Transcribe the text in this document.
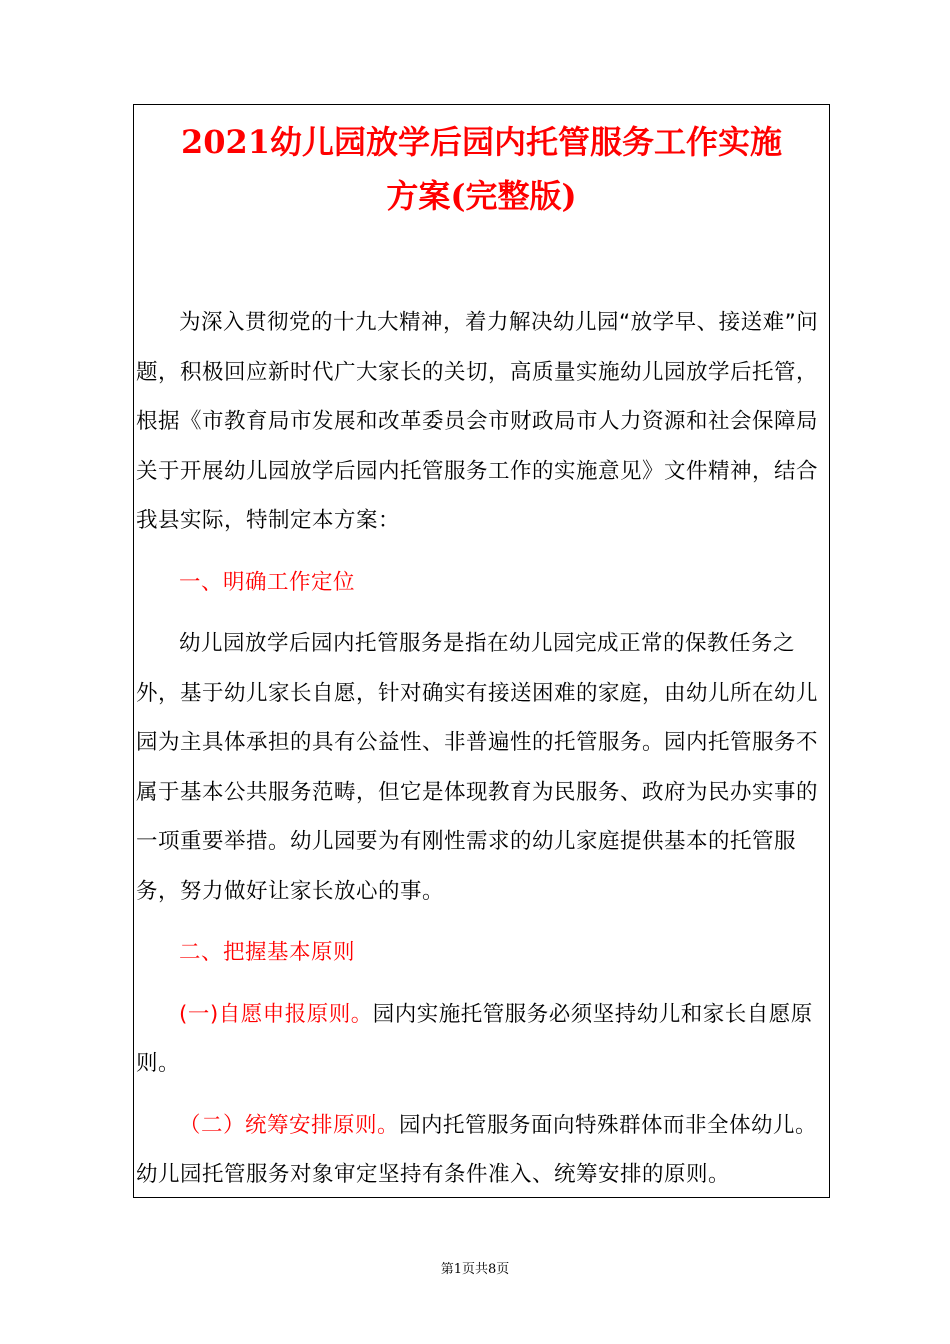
2021幼儿园放学后园内托管服务工作实施
方案(完整版)

为深入贯彻党的十九大精神，着力解决幼儿园“放学早、接送难”问题，积极回应新时代广大家长的关切，高质量实施幼儿园放学后托管，根据《市教育局市发展和改革委员会市财政局市人力资源和社会保障局关于开展幼儿园放学后园内托管服务工作的实施意见》文件精神，结合我县实际，特制定本方案：

一、明确工作定位

幼儿园放学后园内托管服务是指在幼儿园完成正常的保教任务之外，基于幼儿家长自愿，针对确实有接送困难的家庭，由幼儿所在幼儿园为主具体承担的具有公益性、非普遍性的托管服务。园内托管服务不属于基本公共服务范畴，但它是体现教育为民服务、政府为民办实事的一项重要举措。幼儿园要为有刚性需求的幼儿家庭提供基本的托管服务，努力做好让家长放心的事。

二、把握基本原则

(一)自愿申报原则。园内实施托管服务必须坚持幼儿和家长自愿原则。

（二）统筹安排原则。园内托管服务面向特殊群体而非全体幼儿。幼儿园托管服务对象审定坚持有条件准入、统筹安排的原则。

第1页共8页
